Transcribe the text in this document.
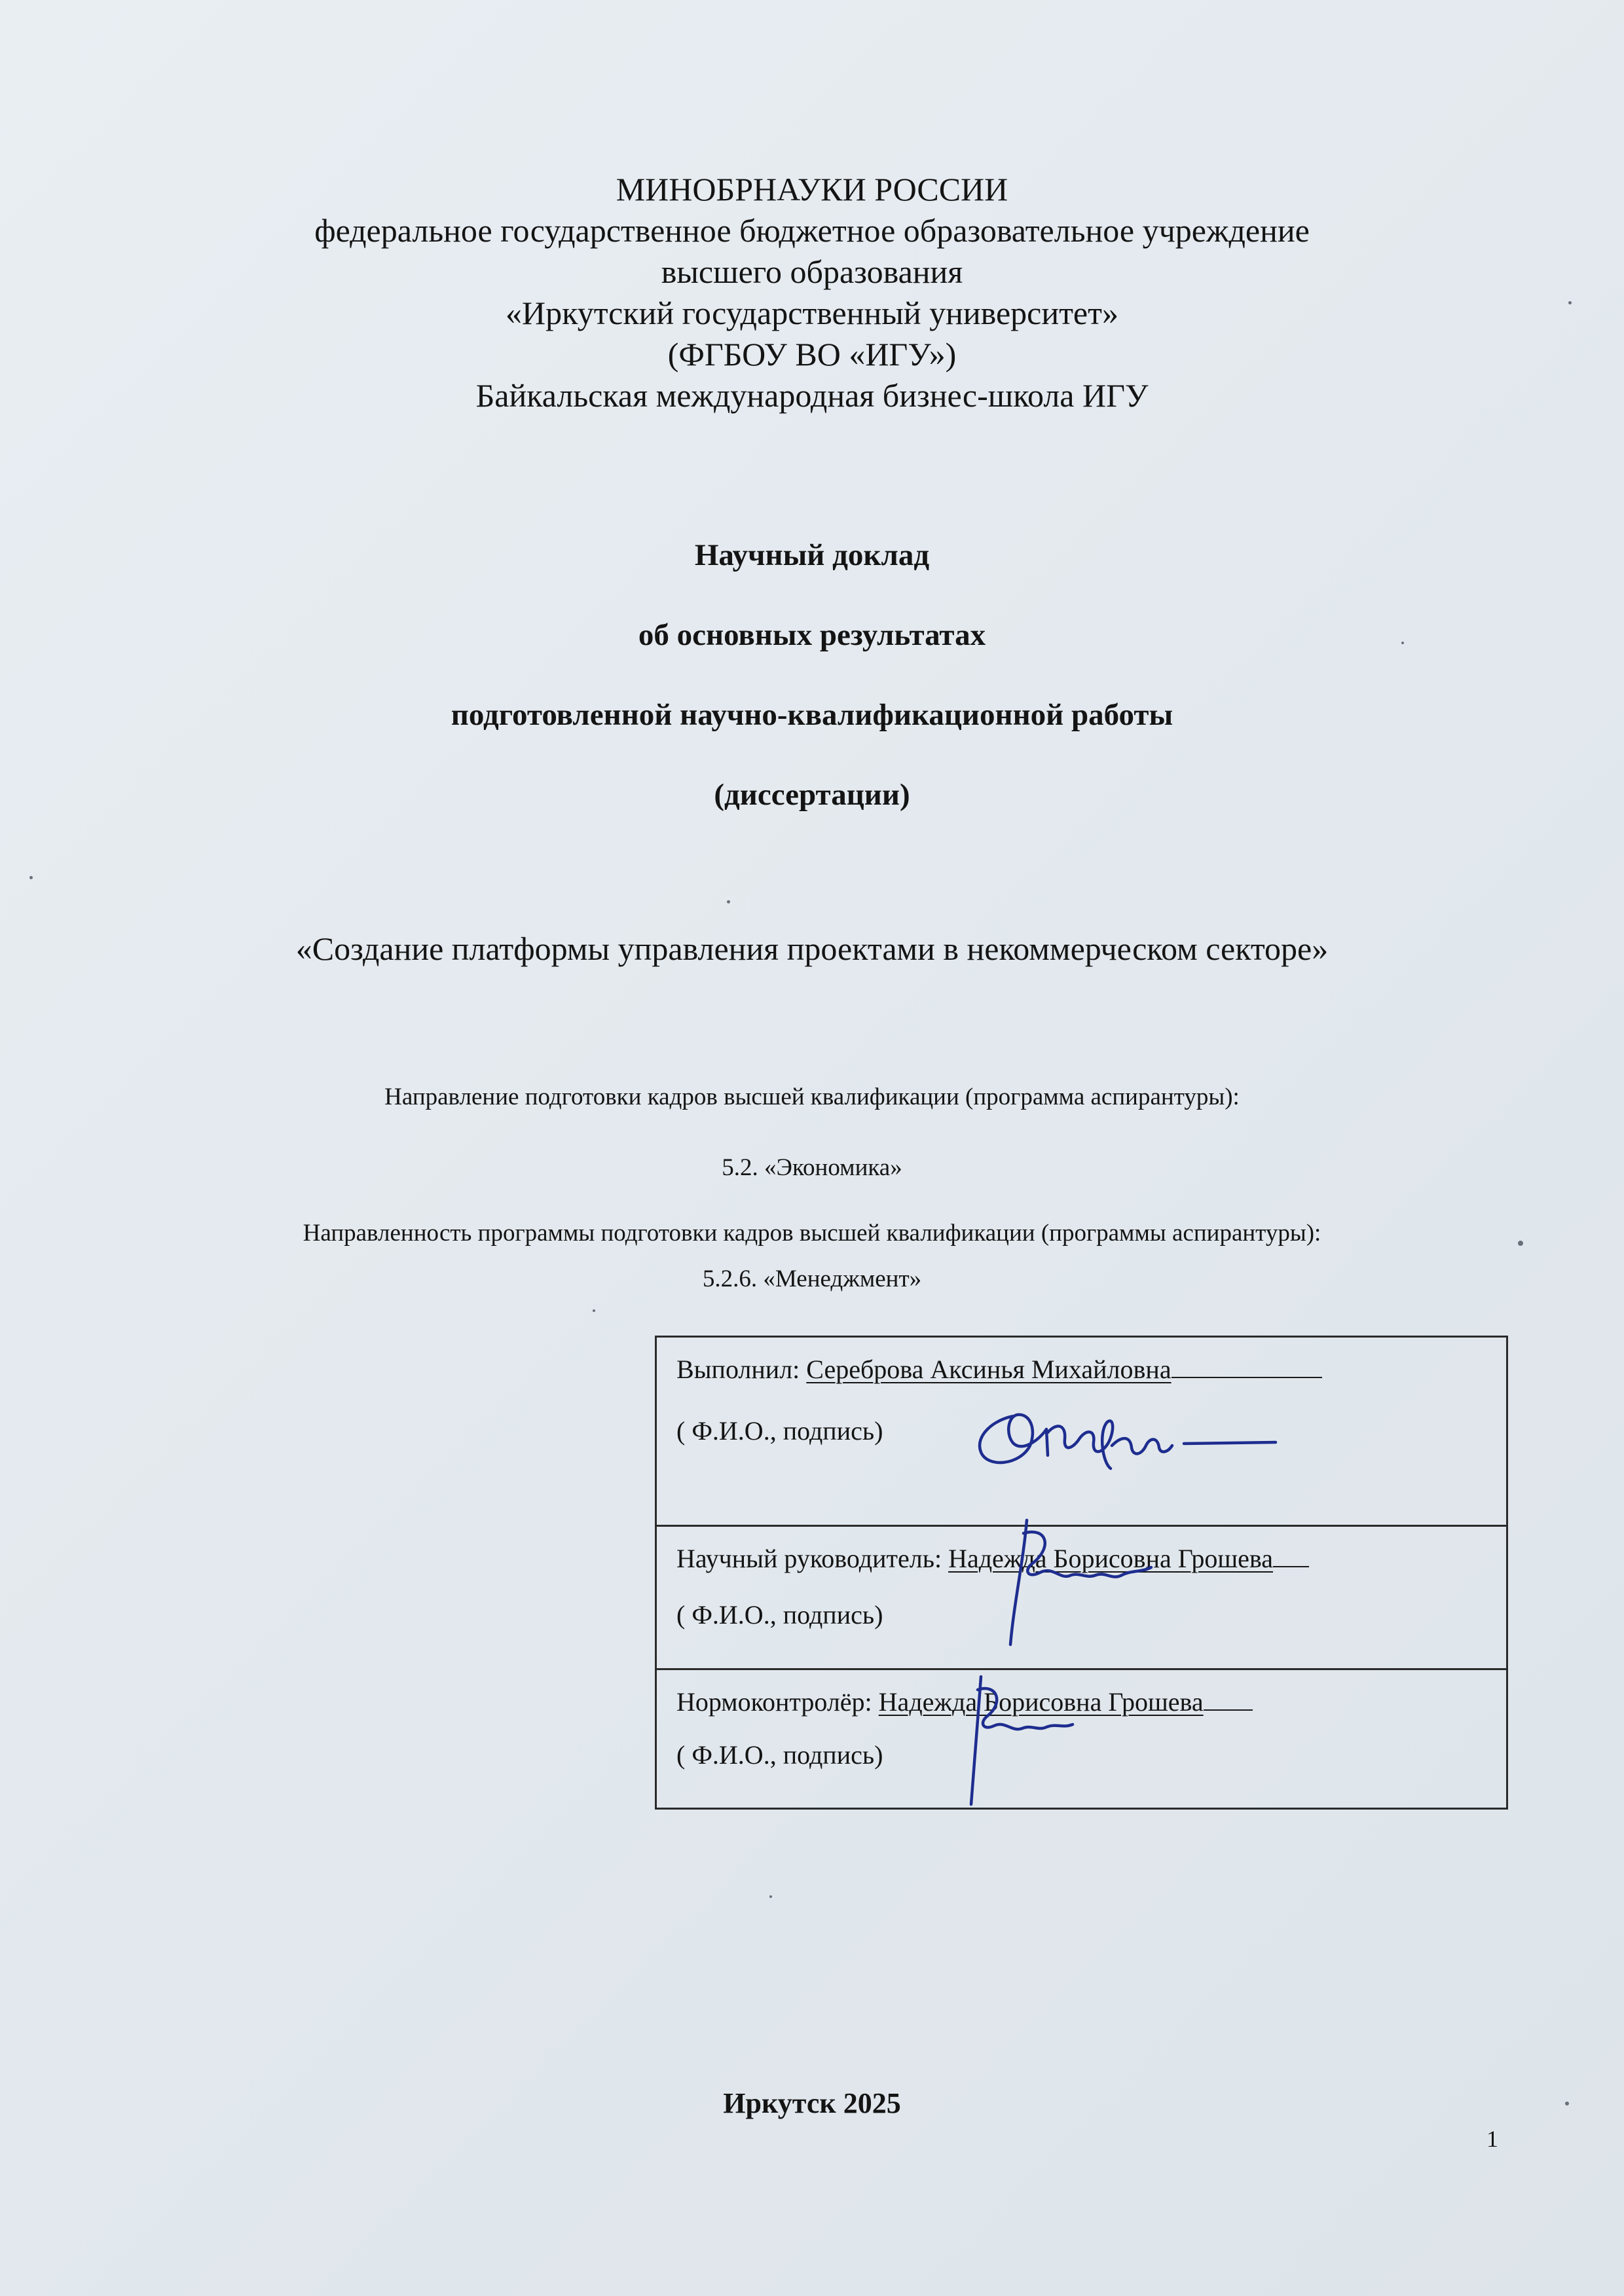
МИНОБРНАУКИ РОССИИ
федеральное государственное бюджетное образовательное учреждение
высшего образования
«Иркутский государственный университет»
(ФГБОУ ВО «ИГУ»)
Байкальская международная бизнес-школа ИГУ
Научный доклад
об основных результатах
подготовленной научно-квалификационной работы
(диссертации)
«Создание платформы управления проектами в некоммерческом секторе»
Направление подготовки кадров высшей квалификации (программа аспирантуры):
5.2. «Экономика»
Направленность программы подготовки кадров высшей квалификации (программы аспирантуры):
5.2.6. «Менеджмент»
Выполнил: Сереброва Аксинья Михайловна
( Ф.И.О., подпись)
Научный руководитель: Надежда Борисовна Грошева
( Ф.И.О., подпись)
Нормоконтролёр: Надежда Борисовна Грошева
( Ф.И.О., подпись)
Иркутск 2025
1
